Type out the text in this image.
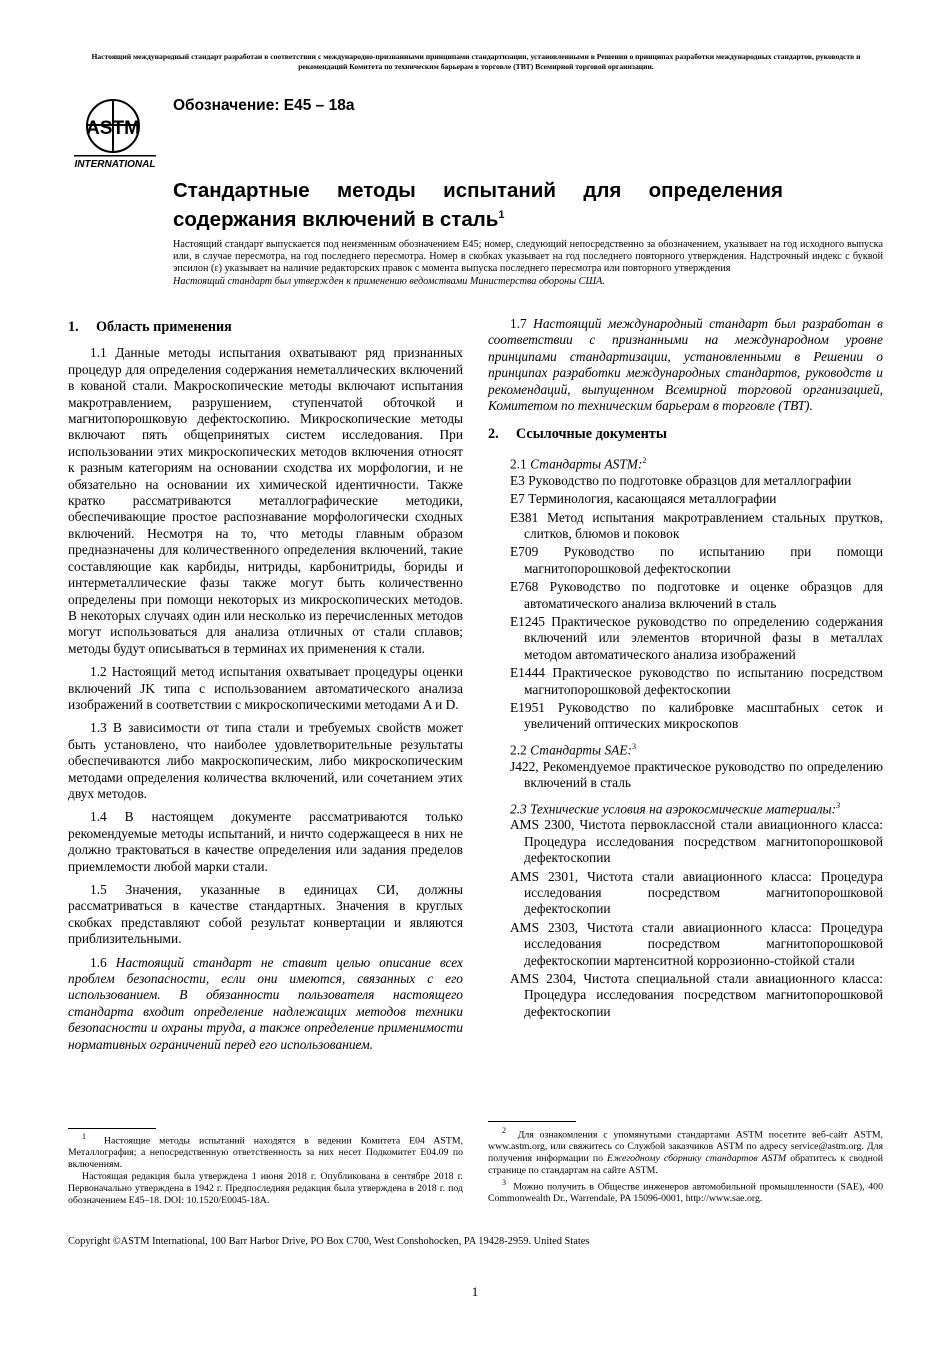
Настоящий международный стандарт разработан в соответствии с международно-признанными принципами стандартизации, установленными в Решении о принципах разработки международных стандартов, руководств и рекомендаций Комитета по техническим барьерам в торговле (ТВТ) Всемирной торговой организации.
ASTM
INTERNATIONAL
Обозначение: E45 – 18a
Стандартные методы испытаний для определения
содержания включений в сталь$^1$
Настоящий стандарт выпускается под неизменным обозначением E45; номер, следующий непосредственно за обозначением, указывает на год исходного выпуска или, в случае пересмотра, на год последнего пересмотра. Номер в скобках указывает на год последнего повторного утверждения. Надстрочный индекс с буквой эпсилон (ε) указывает на наличие редакторских правок с момента выпуска последнего пересмотра или повторного утверждения
Настоящий стандарт был утвержден к применению ведомствами Министерства обороны США.
1. Область применения

1.1 Данные методы испытания охватывают ряд признанных процедур для определения содержания неметаллических включений в кованой стали. Макроскопические методы включают испытания макротравлением, разрушением, ступенчатой обточкой и магнитопорошковую дефектоскопию. Микроскопические методы включают пять общепринятых систем исследования. При использовании этих микроскопических методов включения относят к разным категориям на основании сходства их морфологии, и не обязательно на основании их химической идентичности. Также кратко рассматриваются металлографические методики, обеспечивающие простое распознавание морфологически сходных включений. Несмотря на то, что методы главным образом предназначены для количественного определения включений, такие составляющие как карбиды, нитриды, карбонитриды, бориды и интерметаллические фазы также могут быть количественно определены при помощи некоторых из микроскопических методов. В некоторых случаях один или несколько из перечисленных методов могут использоваться для анализа отличных от стали сплавов; методы будут описываться в терминах их применения к стали.

1.2 Настоящий метод испытания охватывает процедуры оценки включений JK типа с использованием автоматического анализа изображений в соответствии с микроскопическими методами A и D.

1.3 В зависимости от типа стали и требуемых свойств может быть установлено, что наиболее удовлетворительные результаты обеспечиваются либо макроскопическим, либо микроскопическим методами определения количества включений, или сочетанием этих двух методов.

1.4 В настоящем документе рассматриваются только рекомендуемые методы испытаний, и ничто содержащееся в них не должно трактоваться в качестве определения или задания пределов приемлемости любой марки стали.

1.5 Значения, указанные в единицах СИ, должны рассматриваться в качестве стандартных. Значения в круглых скобках представляют собой результат конвертации и являются приблизительными.

1.6 Настоящий стандарт не ставит целью описание всех проблем безопасности, если они имеются, связанных с его использованием. В обязанности пользователя настоящего стандарта входит определение надлежащих методов техники безопасности и охраны труда, а также определение применимости нормативных ограничений перед его использованием.

1.7 Настоящий международный стандарт был разработан в соответствии с признанными на международном уровне принципами стандартизации, установленными в Решении о принципах разработки международных стандартов, руководств и рекомендаций, выпущенном Всемирной торговой организацией, Комитетом по техническим барьерам в торговле (ТВТ).

2. Ссылочные документы
2.1 Стандарты ASTM:$^2$
E3 Руководство по подготовке образцов для металлографии
E7 Терминология, касающаяся металлографии
E381 Метод испытания макротравлением стальных прутков, слитков, блюмов и поковок
E709 Руководство по испытанию при помощи магнитопорошковой дефектоскопии
E768 Руководство по подготовке и оценке образцов для автоматического анализа включений в сталь
E1245 Практическое руководство по определению содержания включений или элементов вторичной фазы в металлах методом автоматического анализа изображений
E1444 Практическое руководство по испытанию посредством магнитопорошковой дефектоскопии
E1951 Руководство по калибровке масштабных сеток и увеличений оптических микроскопов
2.2 Стандарты SAE:$^3$
J422, Рекомендуемое практическое руководство по определению включений в сталь
2.3 Технические условия на аэрокосмические материалы:$^3$
AMS 2300, Чистота первоклассной стали авиационного класса: Процедура исследования посредством магнитопорошковой дефектоскопии
AMS 2301, Чистота стали авиационного класса: Процедура исследования посредством магнитопорошковой дефектоскопии
AMS 2303, Чистота стали авиационного класса: Процедура исследования посредством магнитопорошковой дефектоскопии мартенситной коррозионно-стойкой стали
AMS 2304, Чистота специальной стали авиационного класса: Процедура исследования посредством магнитопорошковой дефектоскопии

$^1$ Настоящие методы испытаний находятся в ведении Комитета E04 ASTM, Металлография; а непосредственную ответственность за них несет Подкомитет E04.09 по включениям.

Настоящая редакция была утверждена 1 июня 2018 г. Опубликована в сентябре 2018 г. Первоначально утверждена в 1942 г. Предпоследняя редакция была утверждена в 2018 г. под обозначением E45–18. DOI: 10.1520/E0045-18A.

$^2$ Для ознакомления с упомянутыми стандартами ASTM посетите веб-сайт ASTM, www.astm.org, или свяжитесь со Службой заказчиков ASTM по адресу service@astm.org. Для получения информации по Ежегодному сборнику стандартов ASTM обратитесь к сводной странице по стандартам на сайте ASTM.

$^3$ Можно получить в Обществе инженеров автомобильной промышленности (SAE), 400 Commonwealth Dr., Warrendale, PA 15096-0001, http://www.sae.org.

Copyright ©ASTM International, 100 Barr Harbor Drive, PO Box C700, West Conshohocken, PA 19428-2959. United States
1
